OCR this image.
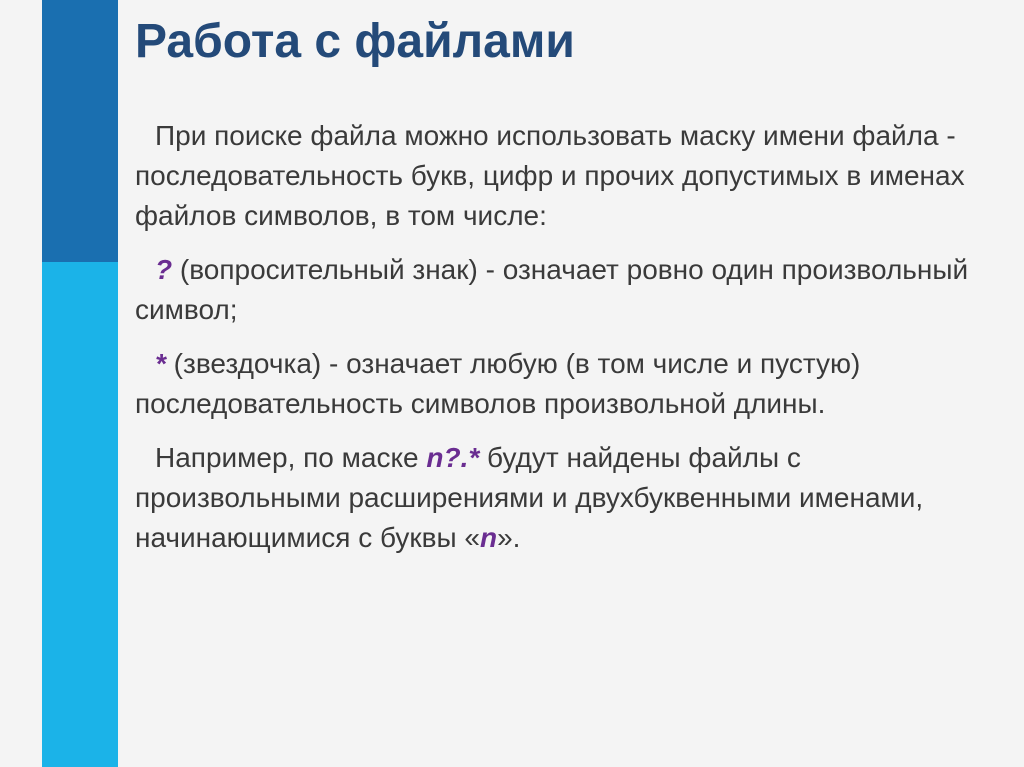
Работа с файлами

При поиске файла можно использовать маску имени файла - последовательность букв, цифр и прочих допустимых в именах файлов символов, в том числе:

? (вопросительный знак) - означает ровно один произвольный символ;

* (звездочка) - означает любую (в том числе и пустую) последовательность символов произвольной длины.

Например, по маске n?.* будут найдены файлы с произвольными расширениями и двухбуквенными именами, начинающимися с буквы «n».
